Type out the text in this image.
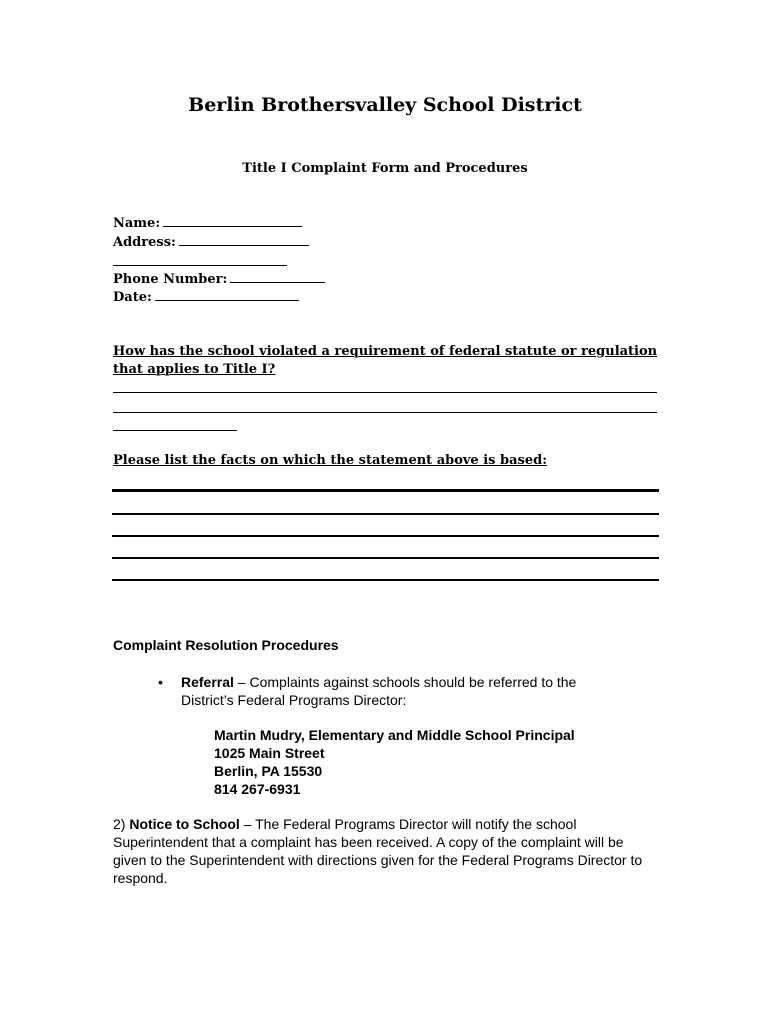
Berlin Brothersvalley School District
Title I Complaint Form and Procedures
Name:
Address:
Phone Number:
Date:
How has the school violated a requirement of federal statute or regulation that applies to Title I?
Please list the facts on which the statement above is based:
Complaint Resolution Procedures
• Referral – Complaints against schools should be referred to the District’s Federal Programs Director:
Martin Mudry, Elementary and Middle School Principal
1025 Main Street
Berlin, PA 15530
814 267-6931
2) Notice to School – The Federal Programs Director will notify the school Superintendent that a complaint has been received. A copy of the complaint will be given to the Superintendent with directions given for the Federal Programs Director to respond.
